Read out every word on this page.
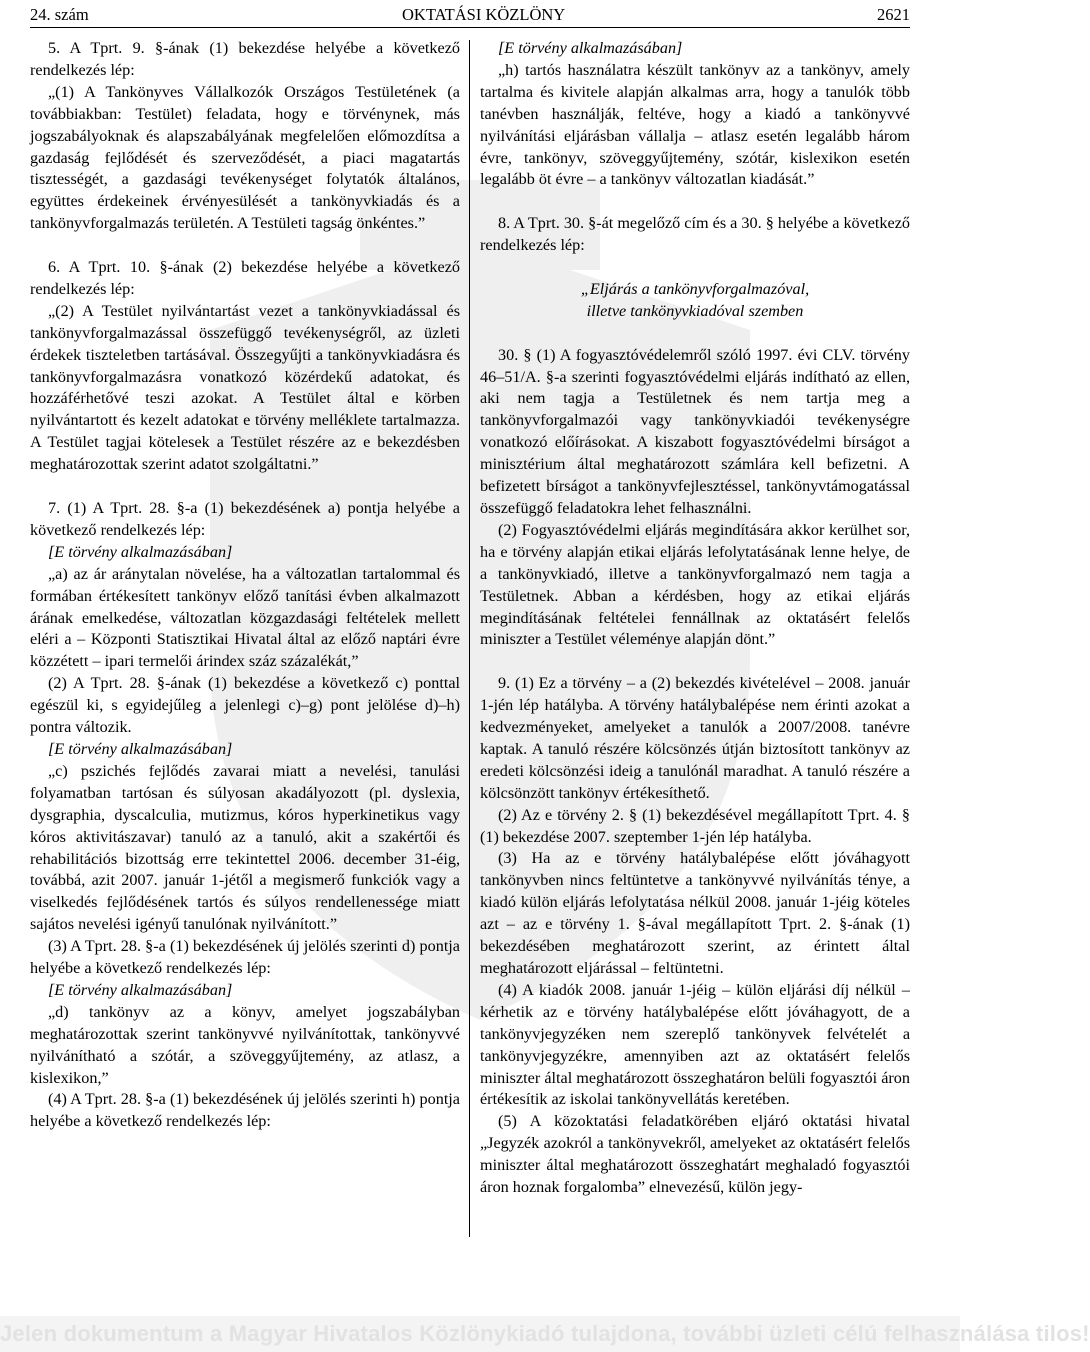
24. szám	OKTATÁSI KÖZLÖNY	2621

5. A Tprt. 9. §-ának (1) bekezdése helyébe a következő rendelkezés lép:

„(1) A Tankönyves Vállalkozók Országos Testületének (a továbbiakban: Testület) feladata, hogy e törvénynek, más jogszabályoknak és alapszabályának megfelelően előmozdítsa a gazdaság fejlődését és szerveződését, a piaci magatartás tisztességét, a gazdasági tevékenységet folytatók általános, együttes érdekeinek érvényesülését a tankönyvkiadás és a tankönyvforgalmazás területén. A Testületi tagság önkéntes.”

6. A Tprt. 10. §-ának (2) bekezdése helyébe a következő rendelkezés lép:

„(2) A Testület nyilvántartást vezet a tankönyvkiadással és tankönyvforgalmazással összefüggő tevékenységről, az üzleti érdekek tiszteletben tartásával. Összegyűjti a tankönyvkiadásra és tankönyvforgalmazásra vonatkozó közérdekű adatokat, és hozzáférhetővé teszi azokat. A Testület által e körben nyilvántartott és kezelt adatokat e törvény melléklete tartalmazza. A Testület tagjai kötelesek a Testület részére az e bekezdésben meghatározottak szerint adatot szolgáltatni.”

7. (1) A Tprt. 28. §-a (1) bekezdésének a) pontja helyébe a következő rendelkezés lép:

[E törvény alkalmazásában]

„a) az ár aránytalan növelése, ha a változatlan tartalommal és formában értékesített tankönyv előző tanítási évben alkalmazott árának emelkedése, változatlan közgazdasági feltételek mellett eléri a – Központi Statisztikai Hivatal által az előző naptári évre közzétett – ipari termelői árindex száz százalékát,”

(2) A Tprt. 28. §-ának (1) bekezdése a következő c) ponttal egészül ki, s egyidejűleg a jelenlegi c)–g) pont jelölése d)–h) pontra változik.

[E törvény alkalmazásában]

„c) pszichés fejlődés zavarai miatt a nevelési, tanulási folyamatban tartósan és súlyosan akadályozott (pl. dyslexia, dysgraphia, dyscalculia, mutizmus, kóros hyperkinetikus vagy kóros aktivitászavar) tanuló az a tanuló, akit a szakértői és rehabilitációs bizottság erre tekintettel 2006. december 31-éig, továbbá, azit 2007. január 1-jétől a megismerő funkciók vagy a viselkedés fejlődésének tartós és súlyos rendellenessége miatt sajátos nevelési igényű tanulónak nyilvánított.”

(3) A Tprt. 28. §-a (1) bekezdésének új jelölés szerinti d) pontja helyébe a következő rendelkezés lép:

[E törvény alkalmazásában]

„d) tankönyv az a könyv, amelyet jogszabályban meghatározottak szerint tankönyvvé nyilvánítottak, tankönyvvé nyilvánítható a szótár, a szöveggyűjtemény, az atlasz, a kislexikon,”

(4) A Tprt. 28. §-a (1) bekezdésének új jelölés szerinti h) pontja helyébe a következő rendelkezés lép:

[E törvény alkalmazásában]

„h) tartós használatra készült tankönyv az a tankönyv, amely tartalma és kivitele alapján alkalmas arra, hogy a tanulók több tanévben használják, feltéve, hogy a kiadó a tankönyvvé nyilvánítási eljárásban vállalja – atlasz esetén legalább három évre, tankönyv, szöveggyűjtemény, szótár, kislexikon esetén legalább öt évre – a tankönyv változatlan kiadását.”

8. A Tprt. 30. §-át megelőző cím és a 30. § helyébe a következő rendelkezés lép:

„Eljárás a tankönyvforgalmazóval,

illetve tankönyvkiadóval szemben

30. § (1) A fogyasztóvédelemről szóló 1997. évi CLV. törvény 46–51/A. §-a szerinti fogyasztóvédelmi eljárás indítható az ellen, aki nem tagja a Testületnek és nem tartja meg a tankönyvforgalmazói vagy tankönyvkiadói tevékenységre vonatkozó előírásokat. A kiszabott fogyasztóvédelmi bírságot a minisztérium által meghatározott számlára kell befizetni. A befizetett bírságot a tankönyvfejlesztéssel, tankönyvtámogatással összefüggő feladatokra lehet felhasználni.

(2) Fogyasztóvédelmi eljárás megindítására akkor kerülhet sor, ha e törvény alapján etikai eljárás lefolytatásának lenne helye, de a tankönyvkiadó, illetve a tankönyvforgalmazó nem tagja a Testületnek. Abban a kérdésben, hogy az etikai eljárás megindításának feltételei fennállnak az oktatásért felelős miniszter a Testület véleménye alapján dönt.”

9. (1) Ez a törvény – a (2) bekezdés kivételével – 2008. január 1-jén lép hatályba. A törvény hatálybalépése nem érinti azokat a kedvezményeket, amelyeket a tanulók a 2007/2008. tanévre kaptak. A tanuló részére kölcsönzés útján biztosított tankönyv az eredeti kölcsönzési ideig a tanulónál maradhat. A tanuló részére a kölcsönzött tankönyv értékesíthető.

(2) Az e törvény 2. § (1) bekezdésével megállapított Tprt. 4. § (1) bekezdése 2007. szeptember 1-jén lép hatályba.

(3) Ha az e törvény hatálybalépése előtt jóváhagyott tankönyvben nincs feltüntetve a tankönyvvé nyilvánítás ténye, a kiadó külön eljárás lefolytatása nélkül 2008. január 1-jéig köteles azt – az e törvény 1. §-ával megállapított Tprt. 2. §-ának (1) bekezdésében meghatározott szerint, az érintett által meghatározott eljárással – feltüntetni.

(4) A kiadók 2008. január 1-jéig – külön eljárási díj nélkül – kérhetik az e törvény hatálybalépése előtt jóváhagyott, de a tankönyvjegyzéken nem szereplő tankönyvek felvételét a tankönyvjegyzékre, amennyiben azt az oktatásért felelős miniszter által meghatározott összeghatáron belüli fogyasztói áron értékesítik az iskolai tankönyvellátás keretében.

(5) A közoktatási feladatkörében eljáró oktatási hivatal „Jegyzék azokról a tankönyvekről, amelyeket az oktatásért felelős miniszter által meghatározott összeghatárt meghaladó fogyasztói áron hoznak forgalomba” elnevezésű, külön jegy-

Jelen dokumentum a Magyar Hivatalos Közlönykiadó tulajdona, további üzleti célú felhasználása tilos!
